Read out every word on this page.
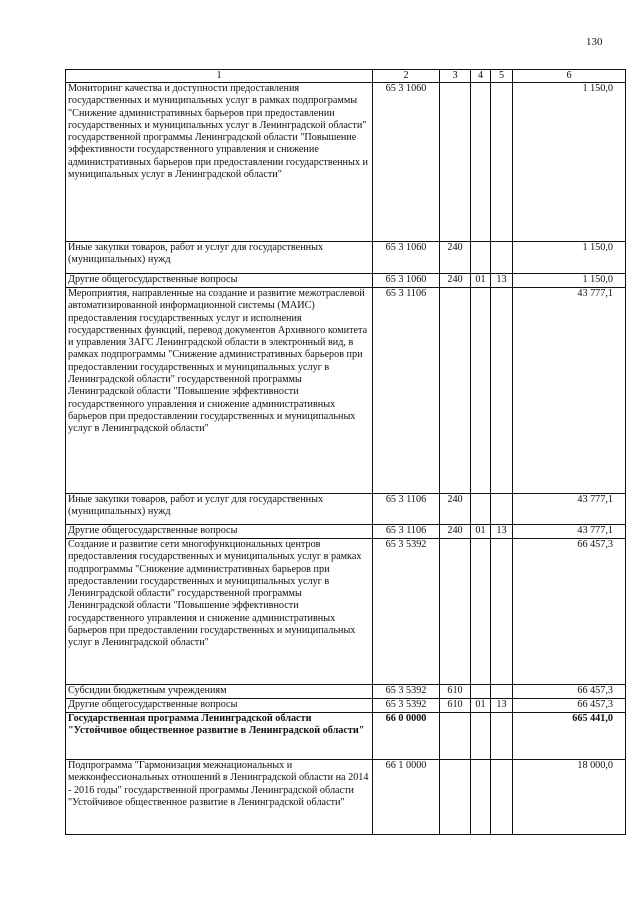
130
1	2	3	4	5	6
Мониторинг качества и доступности предоставления государственных и муниципальных услуг в рамках подпрограммы "Снижение административных барьеров при предоставлении государственных и муниципальных услуг в Ленинградской области" государственной программы Ленинградской области "Повышение эффективности государственного управления и снижение административных барьеров при предоставлении государственных и муниципальных услуг в Ленинградской области"	65 3 1060				1 150,0
Иные закупки товаров, работ и услуг для государственных (муниципальных) нужд	65 3 1060	240			1 150,0
Другие общегосударственные вопросы	65 3 1060	240	01	13	1 150,0
Мероприятия, направленные на создание и развитие межотраслевой автоматизированной информационной системы (МАИС) предоставления государственных услуг и исполнения государственных функций, перевод документов Архивного комитета и управления ЗАГС Ленинградской области в электронный вид, в рамках подпрограммы "Снижение административных барьеров при предоставлении государственных и муниципальных услуг в Ленинградской области" государственной программы Ленинградской области "Повышение эффективности государственного управления и снижение административных барьеров при предоставлении государственных и муниципальных услуг в Ленинградской области"	65 3 1106				43 777,1
Иные закупки товаров, работ и услуг для государственных (муниципальных) нужд	65 3 1106	240			43 777,1
Другие общегосударственные вопросы	65 3 1106	240	01	13	43 777,1
Создание и развитие сети многофункциональных центров предоставления государственных и муниципальных услуг в рамках подпрограммы "Снижение административных барьеров при предоставлении государственных и муниципальных услуг в Ленинградской области" государственной программы Ленинградской области "Повышение эффективности государственного управления и снижение административных барьеров при предоставлении государственных и муниципальных услуг в Ленинградской области"	65 3 5392				66 457,3
Субсидии бюджетным учреждениям	65 3 5392	610			66 457,3
Другие общегосударственные вопросы	65 3 5392	610	01	13	66 457,3
Государственная программа Ленинградской области "Устойчивое общественное развитие в Ленинградской области"	66 0 0000				665 441,0
Подпрограмма "Гармонизация межнациональных и межконфессиональных отношений в Ленинградской области на 2014 - 2016 годы" государственной программы Ленинградской области "Устойчивое общественное развитие в Ленинградской области"	66 1 0000				18 000,0
